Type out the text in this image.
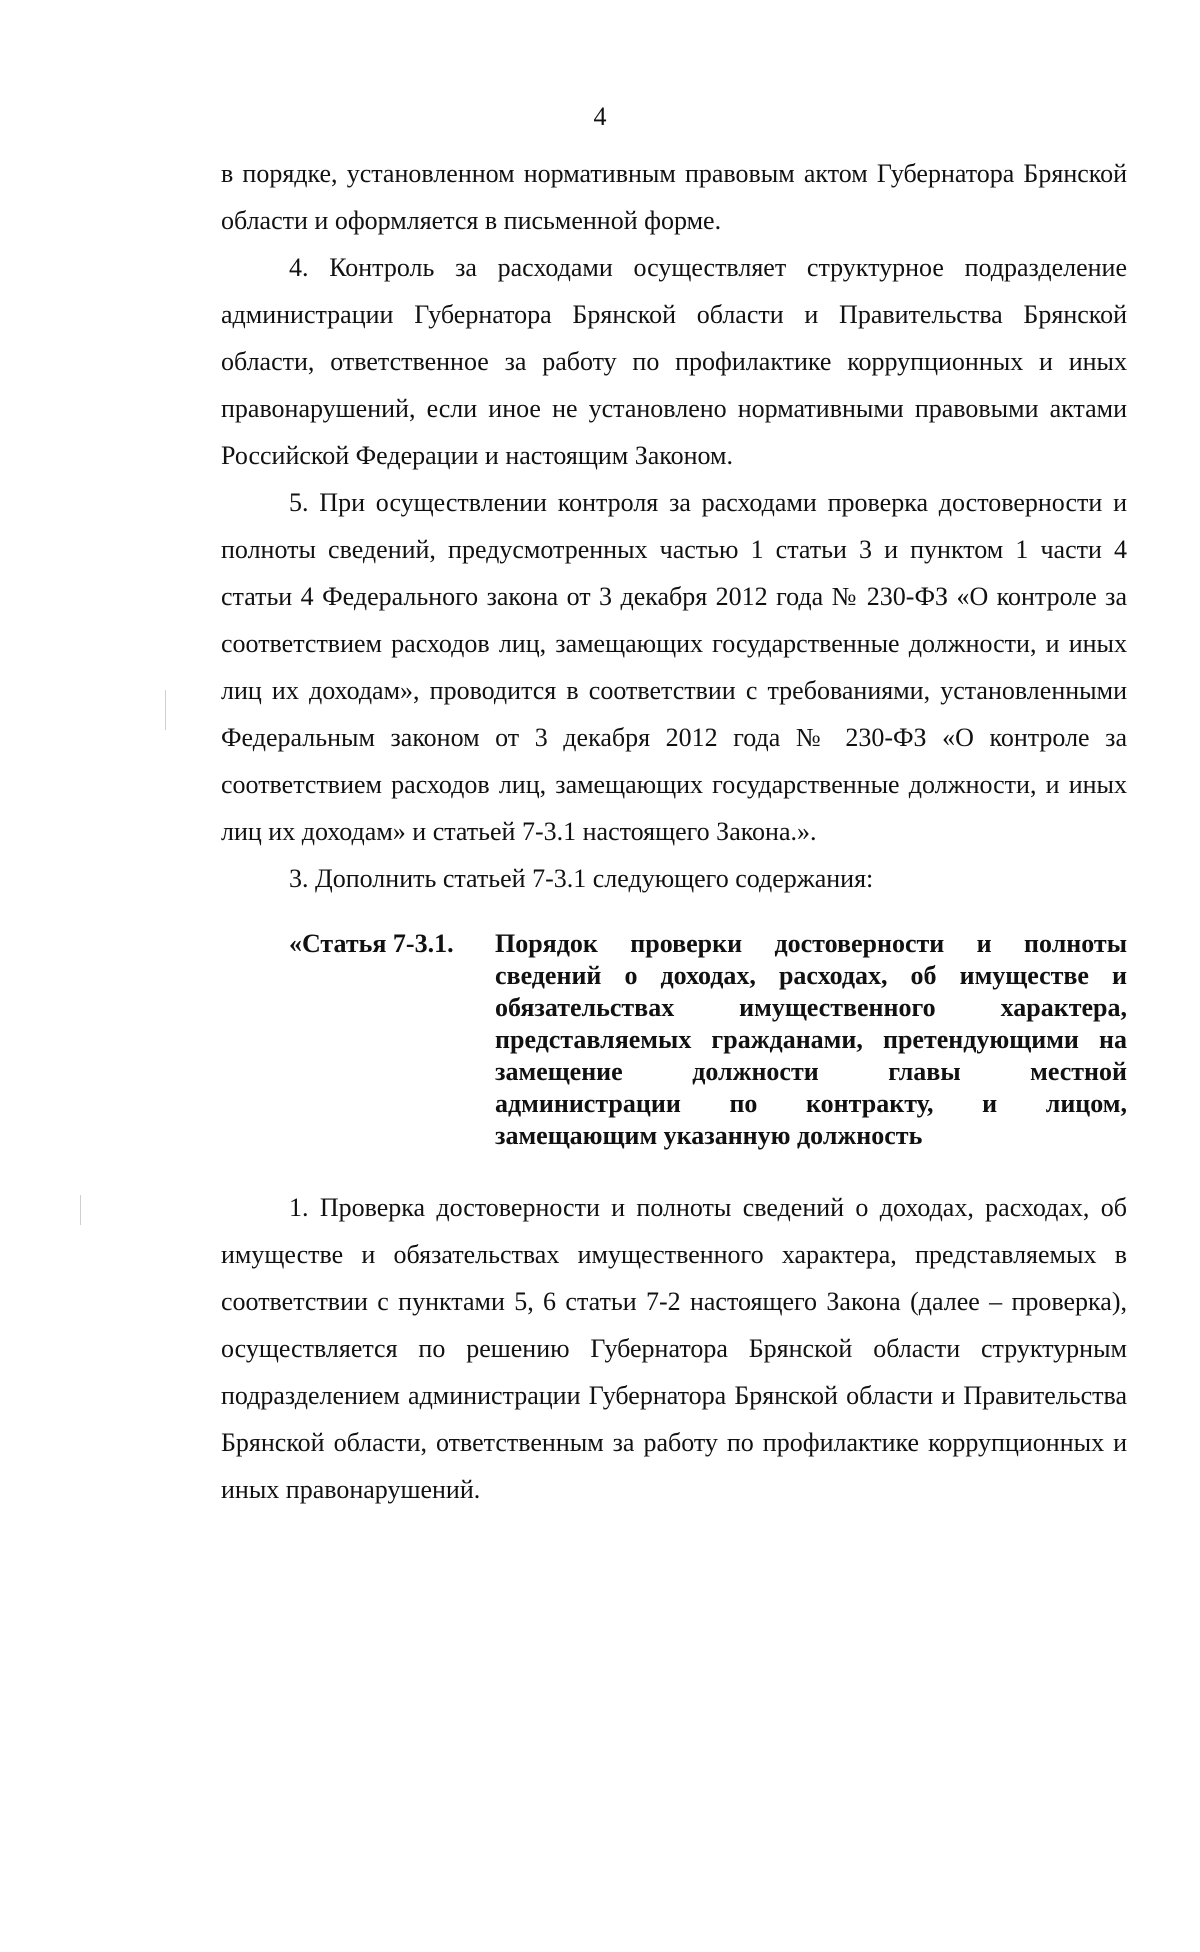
4

в порядке, установленном нормативным правовым актом Губернатора Брянской области и оформляется в письменной форме.

4. Контроль за расходами осуществляет структурное подразделение администрации Губернатора Брянской области и Правительства Брянской области, ответственное за работу по профилактике коррупционных и иных правонарушений, если иное не установлено нормативными правовыми актами Российской Федерации и настоящим Законом.

5. При осуществлении контроля за расходами проверка достоверности и полноты сведений, предусмотренных частью 1 статьи 3 и пунктом 1 части 4 статьи 4 Федерального закона от 3 декабря 2012 года № 230-ФЗ «О контроле за соответствием расходов лиц, замещающих государственные должности, и иных лиц их доходам», проводится в соответствии с требованиями, установленными Федеральным законом от 3 декабря 2012 года № 230-ФЗ «О контроле за соответствием расходов лиц, замещающих государственные должности, и иных лиц их доходам» и статьей 7-3.1 настоящего Закона.».

3. Дополнить статьей 7-3.1 следующего содержания:

«Статья 7-3.1.	Порядок проверки достоверности и полноты сведений о доходах, расходах, об имуществе и обязательствах имущественного характера, представляемых гражданами, претендующими на замещение должности главы местной администрации по контракту, и лицом, замещающим указанную должность

1. Проверка достоверности и полноты сведений о доходах, расходах, об имуществе и обязательствах имущественного характера, представляемых в соответствии с пунктами 5, 6 статьи 7-2 настоящего Закона (далее – проверка), осуществляется по решению Губернатора Брянской области структурным подразделением администрации Губернатора Брянской области и Правительства Брянской области, ответственным за работу по профилактике коррупционных и иных правонарушений.
